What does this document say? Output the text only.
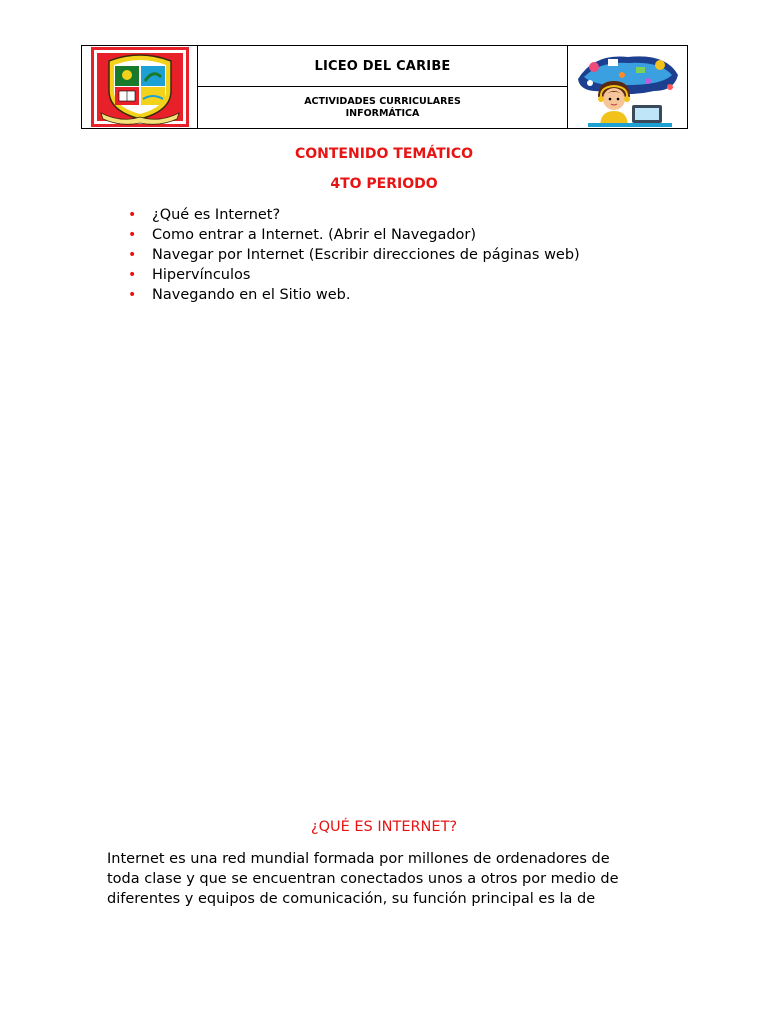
LICEO DEL CARIBE
ACTIVIDADES CURRICULARES
INFORMÁTICA
CONTENIDO TEMÁTICO
4TO PERIODO
• ¿Qué es Internet?
• Como entrar a Internet. (Abrir el Navegador)
• Navegar por Internet (Escribir direcciones de páginas web)
• Hipervínculos
• Navegando en el Sitio web.
¿QUÉ ES INTERNET?
Internet es una red mundial formada por millones de ordenadores de
toda clase y que se encuentran conectados unos a otros por medio de
diferentes y equipos de comunicación, su función principal es la de
